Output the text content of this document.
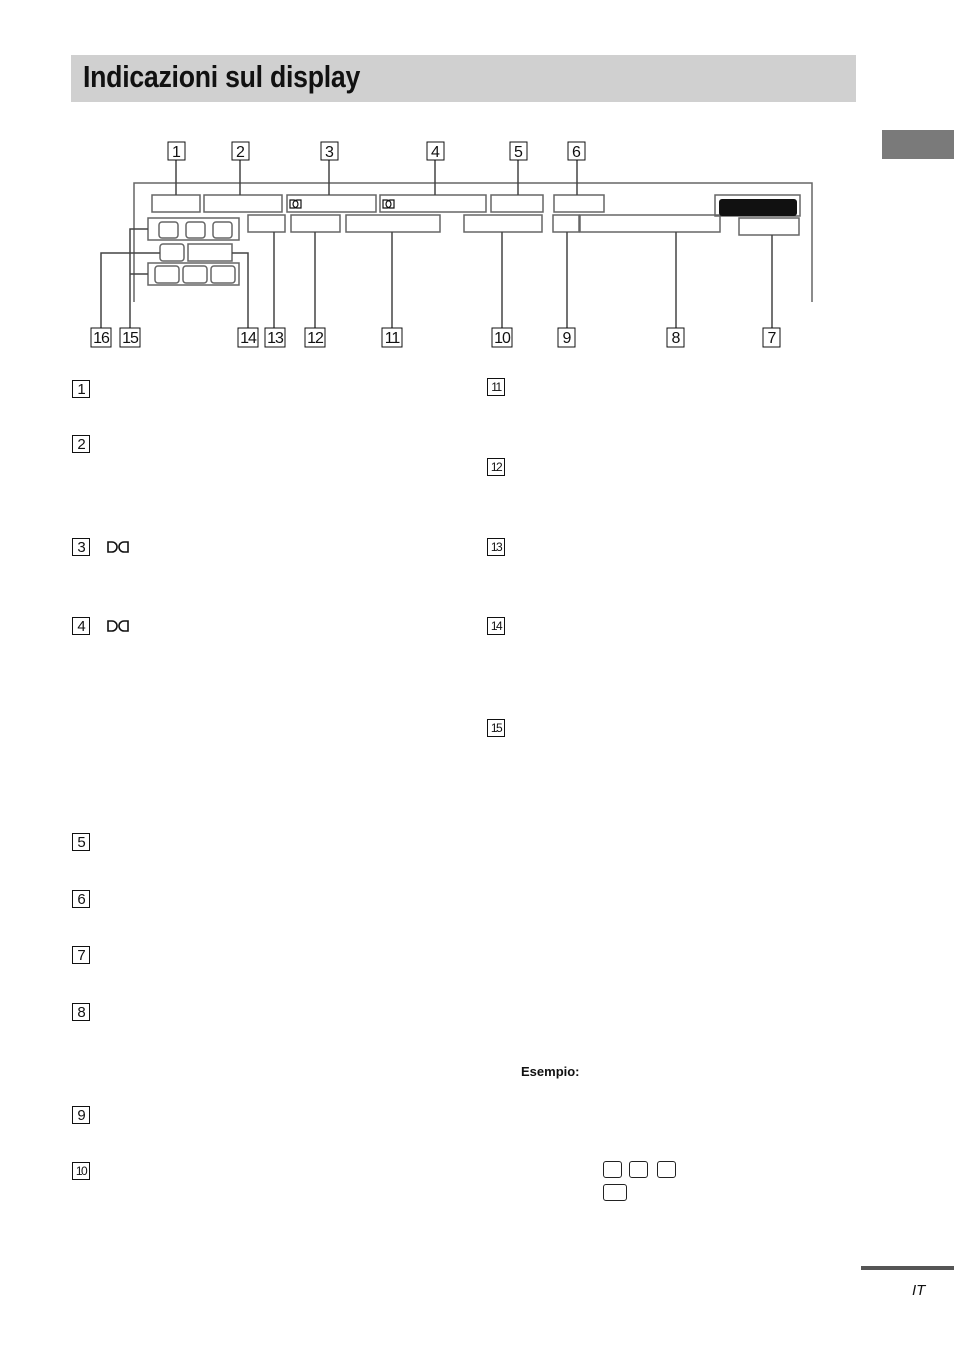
Indicazioni sul display
1	2	3	4	5	6
16 15	14 13 12	11	10	9	8	7
1
2
3
4
5
6
7
8
9
10
11
12
13
14
15
Esempio:
IT
